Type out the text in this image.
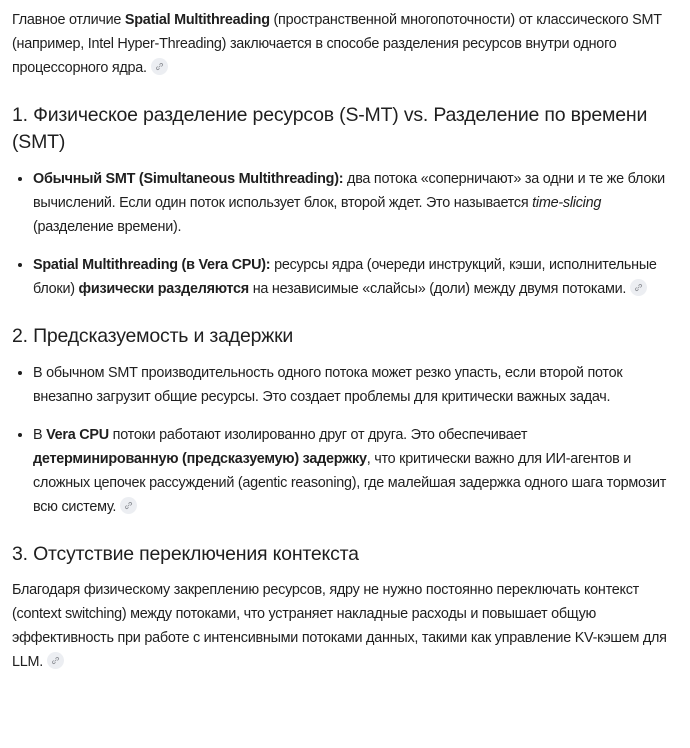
Главное отличие Spatial Multithreading (пространственной многопоточности) от классического SMT (например, Intel Hyper-Threading) заключается в способе разделения ресурсов внутри одного процессорного ядра.

1. Физическое разделение ресурсов (S-MT) vs. Разделение по времени (SMT)
• Обычный SMT (Simultaneous Multithreading): два потока «соперничают» за одни и те же блоки вычислений. Если один поток использует блок, второй ждет. Это называется time-slicing (разделение времени).
• Spatial Multithreading (в Vera CPU): ресурсы ядра (очереди инструкций, кэши, исполнительные блоки) физически разделяются на независимые «слайсы» (доли) между двумя потоками.
2. Предсказуемость и задержки
• В обычном SMT производительность одного потока может резко упасть, если второй поток внезапно загрузит общие ресурсы. Это создает проблемы для критически важных задач.
• В Vera CPU потоки работают изолированно друг от друга. Это обеспечивает детерминированную (предсказуемую) задержку, что критически важно для ИИ-агентов и сложных цепочек рассуждений (agentic reasoning), где малейшая задержка одного шага тормозит всю систему.
3. Отсутствие переключения контекста

Благодаря физическому закреплению ресурсов, ядру не нужно постоянно переключать контекст (context switching) между потоками, что устраняет накладные расходы и повышает общую эффективность при работе с интенсивными потоками данных, такими как управление KV-кэшем для LLM.
